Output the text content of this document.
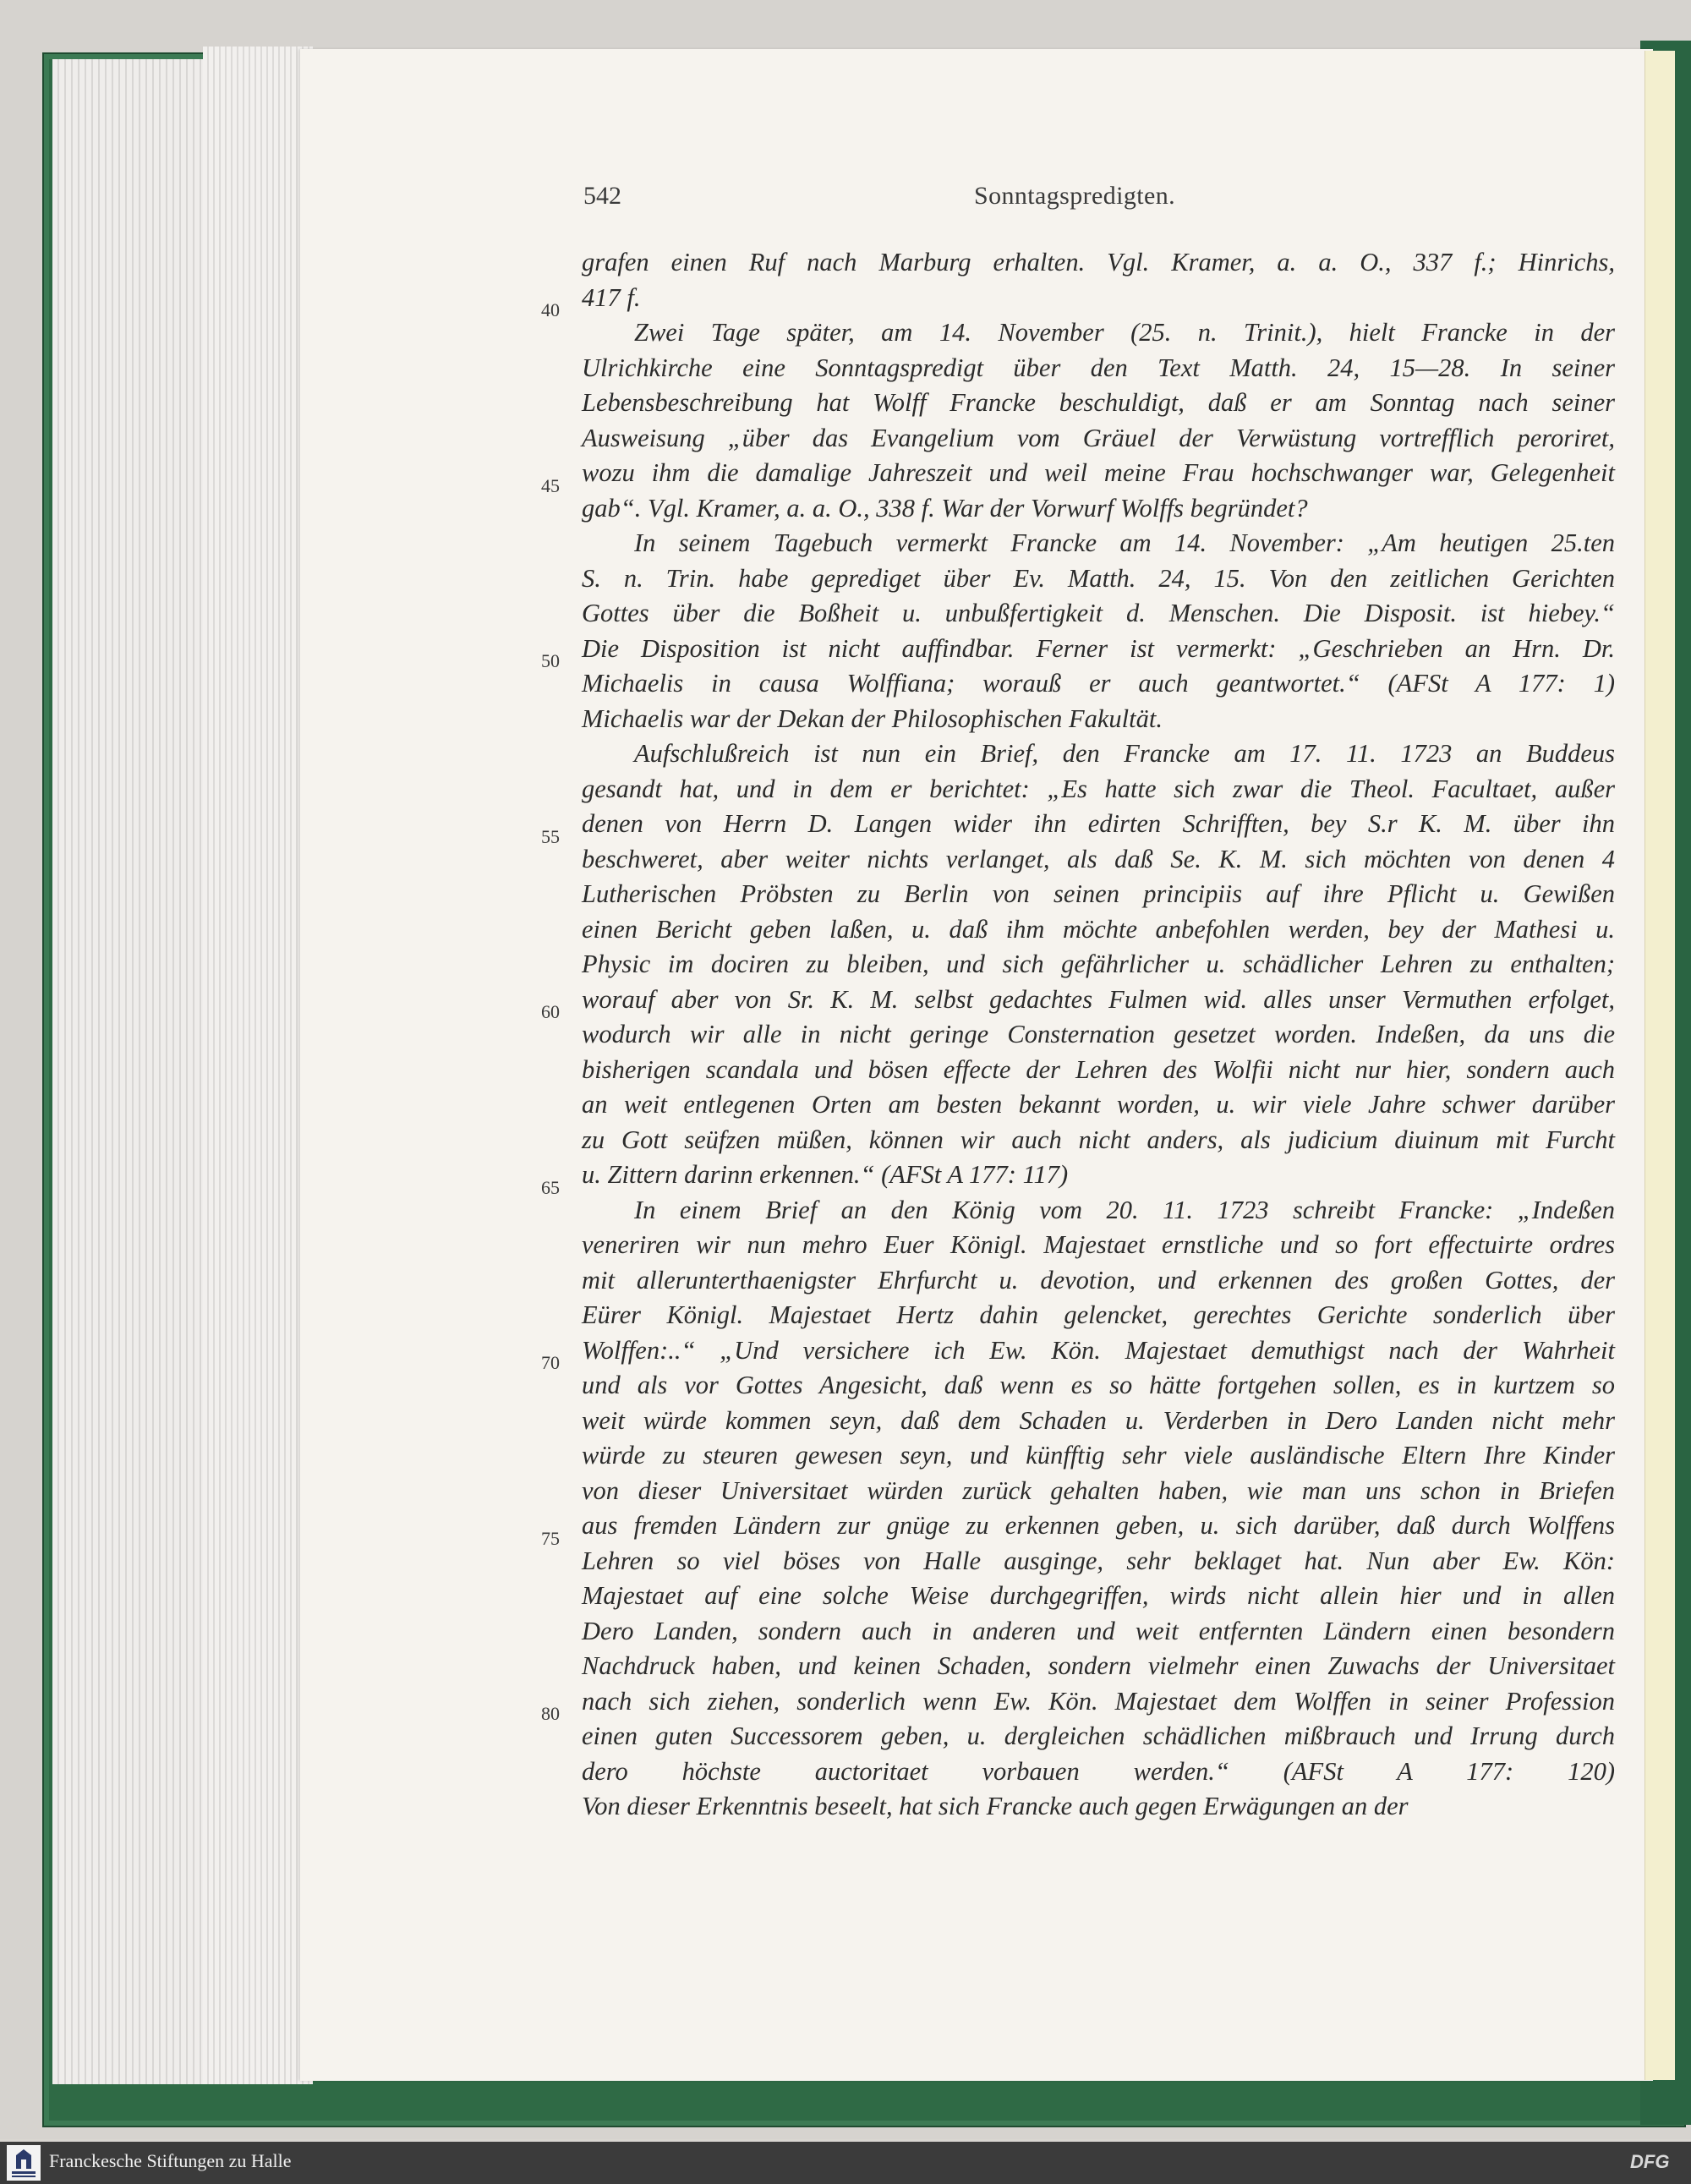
542	Sonntagspredigten.
40
45
50
55
60
65
70
75
80
grafen einen Ruf nach Marburg erhalten. Vgl. Kramer, a. a. O., 337 f.; Hinrichs,
417 f.
Zwei Tage später, am 14. November (25. n. Trinit.), hielt Francke in der
Ulrichkirche eine Sonntagspredigt über den Text Matth. 24, 15—28. In seiner
Lebensbeschreibung hat Wolff Francke beschuldigt, daß er am Sonntag nach seiner
Ausweisung „über das Evangelium vom Gräuel der Verwüstung vortrefflich peroriret,
wozu ihm die damalige Jahreszeit und weil meine Frau hochschwanger war, Gelegenheit
gab“. Vgl. Kramer, a. a. O., 338 f. War der Vorwurf Wolffs begründet?
In seinem Tagebuch vermerkt Francke am 14. November: „Am heutigen 25.ten
S. n. Trin. habe geprediget über Ev. Matth. 24, 15. Von den zeitlichen Gerichten
Gottes über die Boßheit u. unbußfertigkeit d. Menschen. Die Disposit. ist hiebey.“
Die Disposition ist nicht auffindbar. Ferner ist vermerkt: „Geschrieben an Hrn. Dr.
Michaelis in causa Wolffiana; worauß er auch geantwortet.“ (AFSt A 177: 1)
Michaelis war der Dekan der Philosophischen Fakultät.
Aufschlußreich ist nun ein Brief, den Francke am 17. 11. 1723 an Buddeus
gesandt hat, und in dem er berichtet: „Es hatte sich zwar die Theol. Facultaet, außer
denen von Herrn D. Langen wider ihn edirten Schrifften, bey S.r K. M. über ihn
beschweret, aber weiter nichts verlanget, als daß Se. K. M. sich möchten von denen 4
Lutherischen Pröbsten zu Berlin von seinen principiis auf ihre Pflicht u. Gewißen
einen Bericht geben laßen, u. daß ihm möchte anbefohlen werden, bey der Mathesi u.
Physic im dociren zu bleiben, und sich gefährlicher u. schädlicher Lehren zu enthalten;
worauf aber von Sr. K. M. selbst gedachtes Fulmen wid. alles unser Vermuthen erfolget,
wodurch wir alle in nicht geringe Consternation gesetzet worden. Indeßen, da uns die
bisherigen scandala und bösen effecte der Lehren des Wolfii nicht nur hier, sondern auch
an weit entlegenen Orten am besten bekannt worden, u. wir viele Jahre schwer darüber
zu Gott seüfzen müßen, können wir auch nicht anders, als judicium diuinum mit Furcht
u. Zittern darinn erkennen.“ (AFSt A 177: 117)
In einem Brief an den König vom 20. 11. 1723 schreibt Francke: „Indeßen
veneriren wir nun mehro Euer Königl. Majestaet ernstliche und so fort effectuirte ordres
mit allerunterthaenigster Ehrfurcht u. devotion, und erkennen des großen Gottes, der
Eürer Königl. Majestaet Hertz dahin gelencket, gerechtes Gerichte sonderlich über
Wolffen:..“ „Und versichere ich Ew. Kön. Majestaet demuthigst nach der Wahrheit
und als vor Gottes Angesicht, daß wenn es so hätte fortgehen sollen, es in kurtzem so
weit würde kommen seyn, daß dem Schaden u. Verderben in Dero Landen nicht mehr
würde zu steuren gewesen seyn, und künfftig sehr viele ausländische Eltern Ihre Kinder
von dieser Universitaet würden zurück gehalten haben, wie man uns schon in Briefen
aus fremden Ländern zur gnüge zu erkennen geben, u. sich darüber, daß durch Wolffens
Lehren so viel böses von Halle ausginge, sehr beklaget hat. Nun aber Ew. Kön:
Majestaet auf eine solche Weise durchgegriffen, wirds nicht allein hier und in allen
Dero Landen, sondern auch in anderen und weit entfernten Ländern einen besondern
Nachdruck haben, und keinen Schaden, sondern vielmehr einen Zuwachs der Universitaet
nach sich ziehen, sonderlich wenn Ew. Kön. Majestaet dem Wolffen in seiner Profession
einen guten Successorem geben, u. dergleichen schädlichen mißbrauch und Irrung durch
dero höchste auctoritaet vorbauen werden.“ (AFSt A 177: 120)
Von dieser Erkenntnis beseelt, hat sich Francke auch gegen Erwägungen an der
Franckesche Stiftungen zu Halle	DFG
